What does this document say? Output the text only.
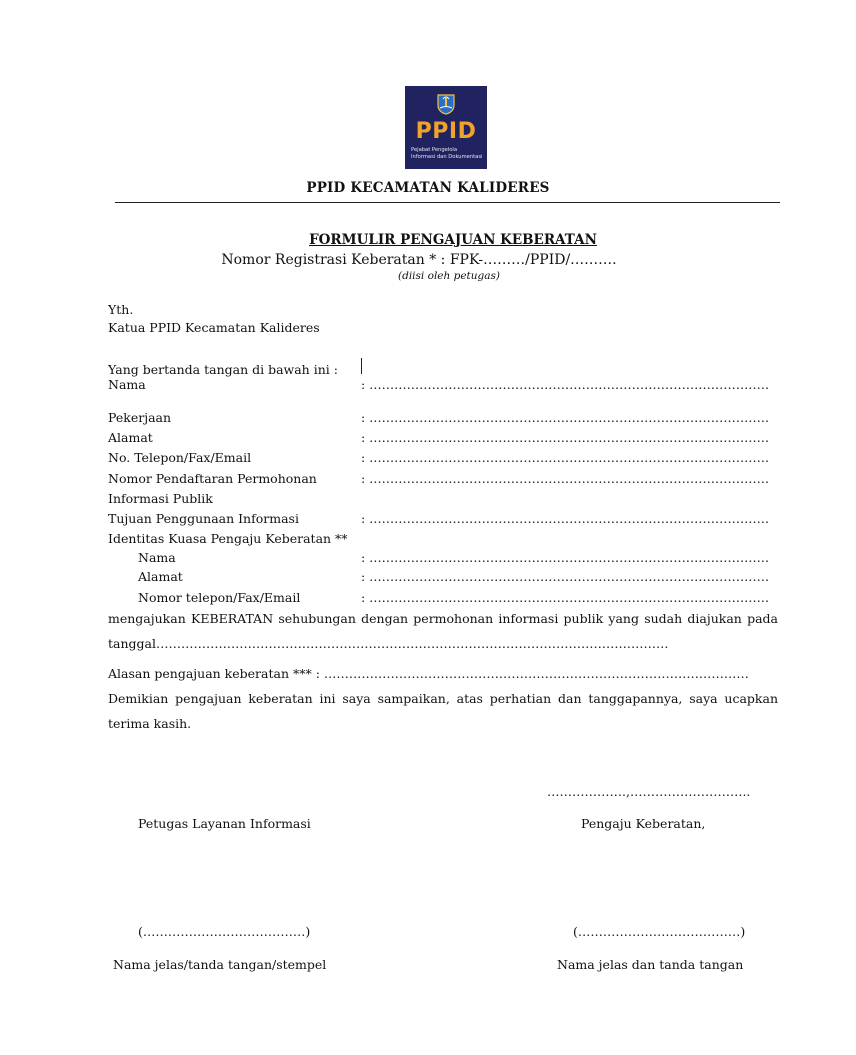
PPID
Pejabat Pengelola
Informasi dan Dokumentasi
PPID KECAMATAN KALIDERES
FORMULIR PENGAJUAN KEBERATAN
Nomor Registrasi Keberatan * : FPK-………/PPID/……….
(diisi oleh petugas)
Yth.
Katua PPID Kecamatan Kalideres
Yang bertanda tangan di bawah ini :
Nama	: ……………………………………………………………………………………
Pekerjaan	: ……………………………………………………………………………………
Alamat	: ……………………………………………………………………………………
No. Telepon/Fax/Email	: ……………………………………………………………………………………
Nomor Pendaftaran Permohonan	: ……………………………………………………………………………………
Informasi Publik
Tujuan Penggunaan Informasi	: ……………………………………………………………………………………
Identitas Kuasa Pengaju Keberatan **
Nama	: ……………………………………………………………………………………
Alamat	: ……………………………………………………………………………………
Nomor telepon/Fax/Email	: ……………………………………………………………………………………
mengajukan KEBERATAN sehubungan dengan permohonan informasi publik yang sudah diajukan pada tanggal……………………………………………………………………………………………………………
Alasan pengajuan keberatan *** : …………………………………………………………………………………………
Demikian pengajuan keberatan ini saya sampaikan, atas perhatian dan tanggapannya, saya ucapkan terima kasih.
……………….,………………………..
Petugas Layanan Informasi	Pengaju Keberatan,
(…………………………………)	(…………………………………)
Nama jelas/tanda tangan/stempel	Nama jelas dan tanda tangan
